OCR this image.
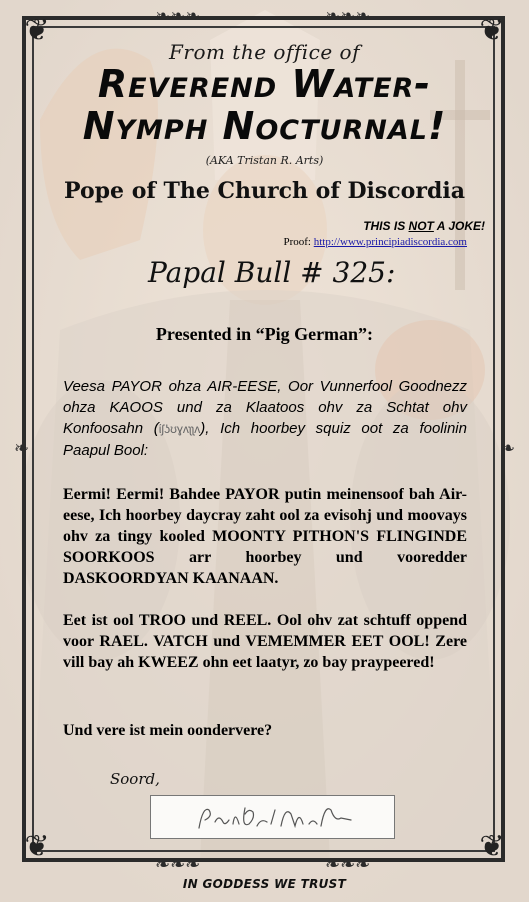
❦	❦
❦	❦
❧❧❧	❧❧❧
❧	❧
❧❧❧	❧❧❧

From the office of

Reverend Water-

Nymph Nocturnal!

(AKA Tristan R. Arts)

Pope of The Church of Discordia

THIS IS NOT A JOKE!

Proof: http://www.principiadiscordia.com

Papal Bull # 325:

Presented in “Pig German”:

Veesa PAYOR ohza AIR-EESE, Oor Vunnerfool Goodnezz ohza KAOOS und za Klaatoos ohv za Schtat ohv Konfoosahn (ίʃʖʊɣʌʅʅʌ), Ich hoorbey squiz oot za foolinin Paapul Bool:

Eermi! Eermi! Bahdee PAYOR putin meinensoof bah Air-eese, Ich hoorbey daycray zaht ool za evisohj und moovays ohv za tingy kooled MOONTY PITHON'S FLINGINDE SOORKOOS arr hoorbey und vooredder DASKOORDYAN KAANAAN.

Eet ist ool TROO und REEL. Ool ohv zat schtuff oppend voor RAEL. VATCH und VEMEMMER EET OOL! Zere vill bay ah KWEEZ ohn eet laatyr, zo bay praypeered!

Und vere ist mein oondervere?

Soord,

IN GODDESS WE TRUST
